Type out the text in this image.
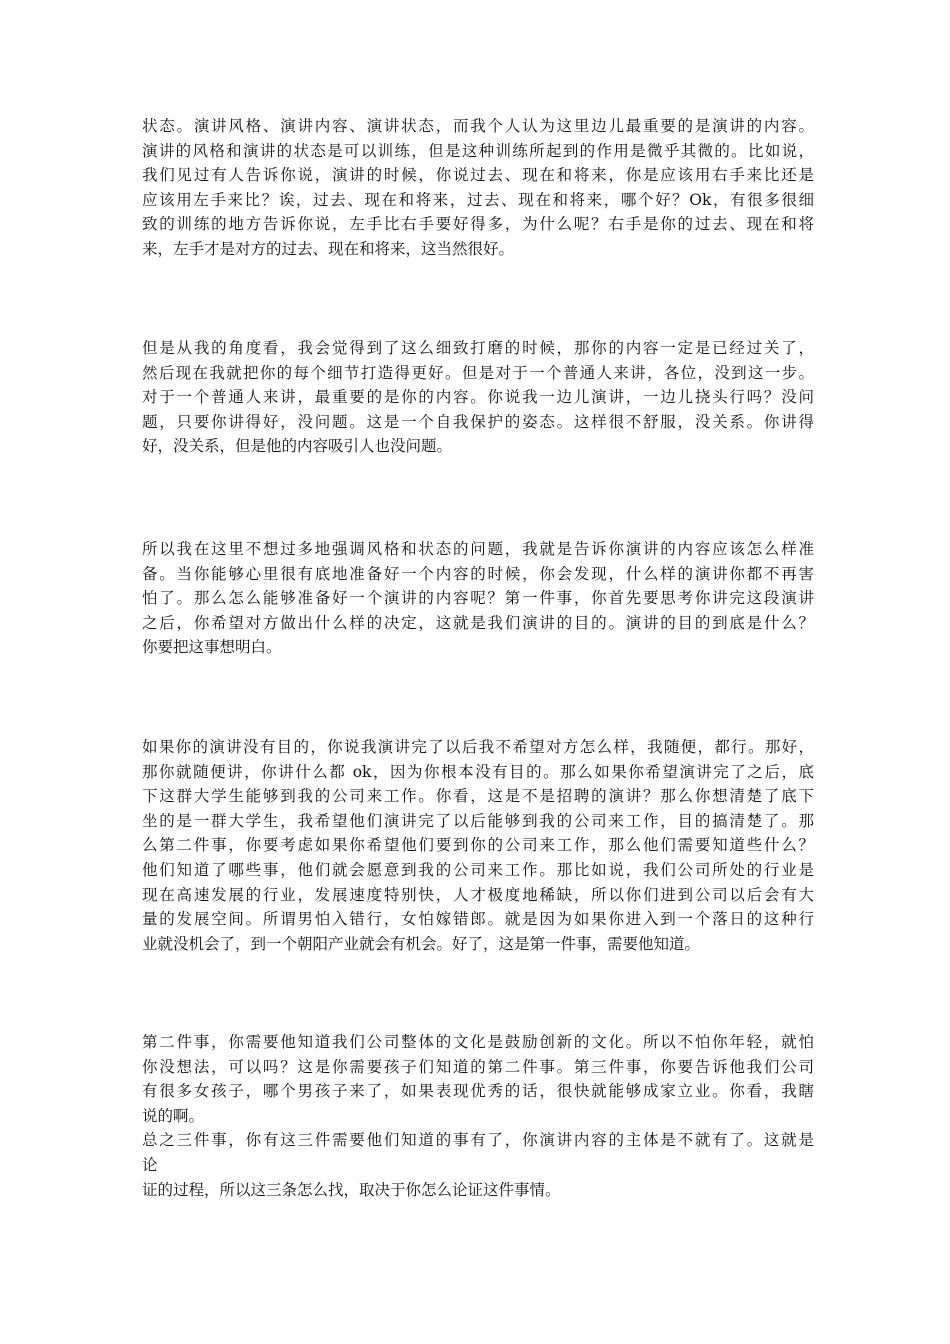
状态。演讲风格、演讲内容、演讲状态，而我个人认为这里边儿最重要的是演讲的内容。
演讲的风格和演讲的状态是可以训练，但是这种训练所起到的作用是微乎其微的。比如说，
我们见过有人告诉你说，演讲的时候，你说过去、现在和将来，你是应该用右手来比还是
应该用左手来比？诶，过去、现在和将来，过去、现在和将来，哪个好？Ok，有很多很细
致的训练的地方告诉你说，左手比右手要好得多，为什么呢？右手是你的过去、现在和将
来，左手才是对方的过去、现在和将来，这当然很好。
但是从我的角度看，我会觉得到了这么细致打磨的时候，那你的内容一定是已经过关了，
然后现在我就把你的每个细节打造得更好。但是对于一个普通人来讲，各位，没到这一步。
对于一个普通人来讲，最重要的是你的内容。你说我一边儿演讲，一边儿挠头行吗？没问
题，只要你讲得好，没问题。这是一个自我保护的姿态。这样很不舒服，没关系。你讲得
好，没关系，但是他的内容吸引人也没问题。
所以我在这里不想过多地强调风格和状态的问题，我就是告诉你演讲的内容应该怎么样准
备。当你能够心里很有底地准备好一个内容的时候，你会发现，什么样的演讲你都不再害
怕了。那么怎么能够准备好一个演讲的内容呢？第一件事，你首先要思考你讲完这段演讲
之后，你希望对方做出什么样的决定，这就是我们演讲的目的。演讲的目的到底是什么？
你要把这事想明白。
如果你的演讲没有目的，你说我演讲完了以后我不希望对方怎么样，我随便，都行。那好，
那你就随便讲，你讲什么都 ok，因为你根本没有目的。那么如果你希望演讲完了之后，底
下这群大学生能够到我的公司来工作。你看，这是不是招聘的演讲？那么你想清楚了底下
坐的是一群大学生，我希望他们演讲完了以后能够到我的公司来工作，目的搞清楚了。那
么第二件事，你要考虑如果你希望他们要到你的公司来工作，那么他们需要知道些什么？
他们知道了哪些事，他们就会愿意到我的公司来工作。那比如说，我们公司所处的行业是
现在高速发展的行业，发展速度特别快，人才极度地稀缺，所以你们进到公司以后会有大
量的发展空间。所谓男怕入错行，女怕嫁错郎。就是因为如果你进入到一个落日的这种行
业就没机会了，到一个朝阳产业就会有机会。好了，这是第一件事，需要他知道。
第二件事，你需要他知道我们公司整体的文化是鼓励创新的文化。所以不怕你年轻，就怕
你没想法，可以吗？这是你需要孩子们知道的第二件事。第三件事，你要告诉他我们公司
有很多女孩子，哪个男孩子来了，如果表现优秀的话，很快就能够成家立业。你看，我瞎
说的啊。
总之三件事，你有这三件需要他们知道的事有了，你演讲内容的主体是不就有了。这就是
论
证的过程，所以这三条怎么找，取决于你怎么论证这件事情。
